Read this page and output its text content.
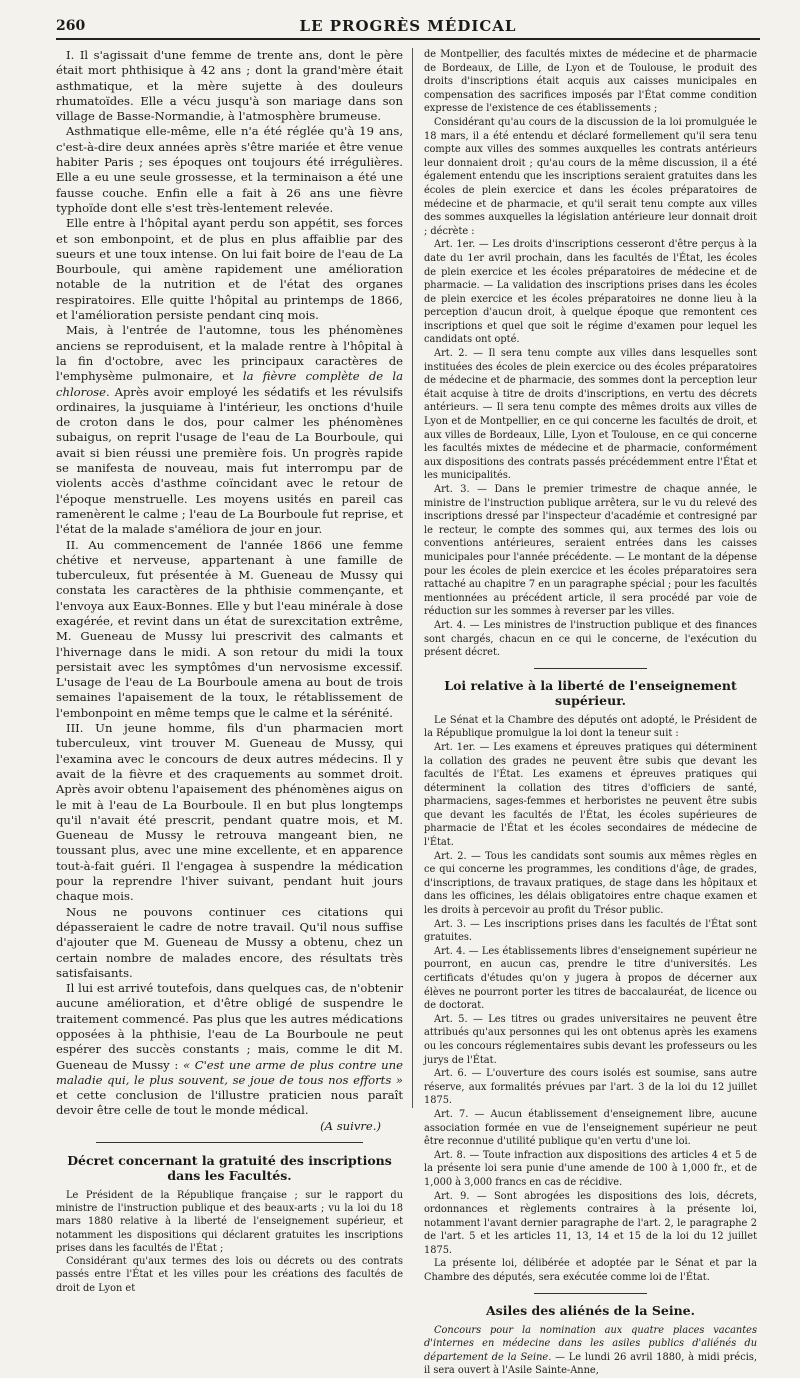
260	LE PROGRÈS MÉDICAL

I. Il s'agissait d'une femme de trente ans, dont le père était mort phthisique à 42 ans ; dont la grand'mère était asthmatique, et la mère sujette à des douleurs rhumatoïdes. Elle a vécu jusqu'à son mariage dans son village de Basse-Normandie, à l'atmosphère brumeuse.

Asthmatique elle-même, elle n'a été réglée qu'à 19 ans, c'est-à-dire deux années après s'être mariée et être venue habiter Paris ; ses époques ont toujours été irrégulières. Elle a eu une seule grossesse, et la terminaison a été une fausse couche. Enfin elle a fait à 26 ans une fièvre typhoïde dont elle s'est très-lentement relevée.

Elle entre à l'hôpital ayant perdu son appétit, ses forces et son embonpoint, et de plus en plus affaiblie par des sueurs et une toux intense. On lui fait boire de l'eau de La Bourboule, qui amène rapidement une amélioration notable de la nutrition et de l'état des organes respiratoires. Elle quitte l'hôpital au printemps de 1866, et l'amélioration persiste pendant cinq mois.

Mais, à l'entrée de l'automne, tous les phénomènes anciens se reproduisent, et la malade rentre à l'hôpital à la fin d'octobre, avec les principaux caractères de l'emphysème pulmonaire, et la fièvre complète de la chlorose. Après avoir employé les sédatifs et les révulsifs ordinaires, la jusquiame à l'intérieur, les onctions d'huile de croton dans le dos, pour calmer les phénomènes subaigus, on reprit l'usage de l'eau de La Bourboule, qui avait si bien réussi une première fois. Un progrès rapide se manifesta de nouveau, mais fut interrompu par de violents accès d'asthme coïncidant avec le retour de l'époque menstruelle. Les moyens usités en pareil cas ramenèrent le calme ; l'eau de La Bourboule fut reprise, et l'état de la malade s'améliora de jour en jour.

II. Au commencement de l'année 1866 une femme chétive et nerveuse, appartenant à une famille de tuberculeux, fut présentée à M. Gueneau de Mussy qui constata les caractères de la phthisie commençante, et l'envoya aux Eaux-Bonnes. Elle y but l'eau minérale à dose exagérée, et revint dans un état de surexcitation extrême, M. Gueneau de Mussy lui prescrivit des calmants et l'hivernage dans le midi. A son retour du midi la toux persistait avec les symptômes d'un nervosisme excessif. L'usage de l'eau de La Bourboule amena au bout de trois semaines l'apaisement de la toux, le rétablissement de l'embonpoint en même temps que le calme et la sérénité.

III. Un jeune homme, fils d'un pharmacien mort tuberculeux, vint trouver M. Gueneau de Mussy, qui l'examina avec le concours de deux autres médecins. Il y avait de la fièvre et des craquements au sommet droit. Après avoir obtenu l'apaisement des phénomènes aigus on le mit à l'eau de La Bourboule. Il en but plus longtemps qu'il n'avait été prescrit, pendant quatre mois, et M. Gueneau de Mussy le retrouva mangeant bien, ne toussant plus, avec une mine excellente, et en apparence tout-à-fait guéri. Il l'engagea à suspendre la médication pour la reprendre l'hiver suivant, pendant huit jours chaque mois.

Nous ne pouvons continuer ces citations qui dépasseraient le cadre de notre travail. Qu'il nous suffise d'ajouter que M. Gueneau de Mussy a obtenu, chez un certain nombre de malades encore, des résultats très satisfaisants.

Il lui est arrivé toutefois, dans quelques cas, de n'obtenir aucune amélioration, et d'être obligé de suspendre le traitement commencé. Pas plus que les autres médications opposées à la phthisie, l'eau de La Bourboule ne peut espérer des succès constants ; mais, comme le dit M. Gueneau de Mussy : « C'est une arme de plus contre une maladie qui, le plus souvent, se joue de tous nos efforts » et cette conclusion de l'illustre praticien nous paraît devoir être celle de tout le monde médical.
(A suivre.)

Décret concernant la gratuité des inscriptions dans les Facultés.

Le Président de la République française ; sur le rapport du ministre de l'instruction publique et des beaux-arts ; vu la loi du 18 mars 1880 relative à la liberté de l'enseignement supérieur, et notamment les dispositions qui déclarent gratuites les inscriptions prises dans les facultés de l'État ;

Considérant qu'aux termes des lois ou décrets ou des contrats passés entre l'État et les villes pour les créations des facultés de droit de Lyon et

de Montpellier, des facultés mixtes de médecine et de pharmacie de Bordeaux, de Lille, de Lyon et de Toulouse, le produit des droits d'inscriptions était acquis aux caisses municipales en compensation des sacrifices imposés par l'État comme condition expresse de l'existence de ces établissements ;

Considérant qu'au cours de la discussion de la loi promulguée le 18 mars, il a été entendu et déclaré formellement qu'il sera tenu compte aux villes des sommes auxquelles les contrats antérieurs leur donnaient droit ; qu'au cours de la même discussion, il a été également entendu que les inscriptions seraient gratuites dans les écoles de plein exercice et dans les écoles préparatoires de médecine et de pharmacie, et qu'il serait tenu compte aux villes des sommes auxquelles la législation antérieure leur donnait droit ; décrète :

Art. 1er. — Les droits d'inscriptions cesseront d'être perçus à la date du 1er avril prochain, dans les facultés de l'État, les écoles de plein exercice et les écoles préparatoires de médecine et de pharmacie. — La validation des inscriptions prises dans les écoles de plein exercice et les écoles préparatoires ne donne lieu à la perception d'aucun droit, à quelque époque que remontent ces inscriptions et quel que soit le régime d'examen pour lequel les candidats ont opté.

Art. 2. — Il sera tenu compte aux villes dans lesquelles sont instituées des écoles de plein exercice ou des écoles préparatoires de médecine et de pharmacie, des sommes dont la perception leur était acquise à titre de droits d'inscriptions, en vertu des décrets antérieurs. — Il sera tenu compte des mêmes droits aux villes de Lyon et de Montpellier, en ce qui concerne les facultés de droit, et aux villes de Bordeaux, Lille, Lyon et Toulouse, en ce qui concerne les facultés mixtes de médecine et de pharmacie, conformément aux dispositions des contrats passés précédemment entre l'État et les municipalités.

Art. 3. — Dans le premier trimestre de chaque année, le ministre de l'instruction publique arrêtera, sur le vu du relevé des inscriptions dressé par l'inspecteur d'académie et contresigné par le recteur, le compte des sommes qui, aux termes des lois ou conventions antérieures, seraient entrées dans les caisses municipales pour l'année précédente. — Le montant de la dépense pour les écoles de plein exercice et les écoles préparatoires sera rattaché au chapitre 7 en un paragraphe spécial ; pour les facultés mentionnées au précédent article, il sera procédé par voie de réduction sur les sommes à reverser par les villes.

Art. 4. — Les ministres de l'instruction publique et des finances sont chargés, chacun en ce qui le concerne, de l'exécution du présent décret.

Loi relative à la liberté de l'enseignement supérieur.

Le Sénat et la Chambre des députés ont adopté, le Président de la République promulgue la loi dont la teneur suit :

Art. 1er. — Les examens et épreuves pratiques qui déterminent la collation des grades ne peuvent être subis que devant les facultés de l'État. Les examens et épreuves pratiques qui déterminent la collation des titres d'officiers de santé, pharmaciens, sages-femmes et herboristes ne peuvent être subis que devant les facultés de l'État, les écoles supérieures de pharmacie de l'État et les écoles secondaires de médecine de l'État.

Art. 2. — Tous les candidats sont soumis aux mêmes règles en ce qui concerne les programmes, les conditions d'âge, de grades, d'inscriptions, de travaux pratiques, de stage dans les hôpitaux et dans les officines, les délais obligatoires entre chaque examen et les droits à percevoir au profit du Trésor public.

Art. 3. — Les inscriptions prises dans les facultés de l'État sont gratuites.

Art. 4. — Les établissements libres d'enseignement supérieur ne pourront, en aucun cas, prendre le titre d'universités. Les certificats d'études qu'on y jugera à propos de décerner aux élèves ne pourront porter les titres de baccalauréat, de licence ou de doctorat.

Art. 5. — Les titres ou grades universitaires ne peuvent être attribués qu'aux personnes qui les ont obtenus après les examens ou les concours réglementaires subis devant les professeurs ou les jurys de l'État.

Art. 6. — L'ouverture des cours isolés est soumise, sans autre réserve, aux formalités prévues par l'art. 3 de la loi du 12 juillet 1875.

Art. 7. — Aucun établissement d'enseignement libre, aucune association formée en vue de l'enseignement supérieur ne peut être reconnue d'utilité publique qu'en vertu d'une loi.

Art. 8. — Toute infraction aux dispositions des articles 4 et 5 de la présente loi sera punie d'une amende de 100 à 1,000 fr., et de 1,000 à 3,000 francs en cas de récidive.

Art. 9. — Sont abrogées les dispositions des lois, décrets, ordonnances et règlements contraires à la présente loi, notamment l'avant dernier paragraphe de l'art. 2, le paragraphe 2 de l'art. 5 et les articles 11, 13, 14 et 15 de la loi du 12 juillet 1875.

La présente loi, délibérée et adoptée par le Sénat et par la Chambre des députés, sera exécutée comme loi de l'État.

Asiles des aliénés de la Seine.

Concours pour la nomination aux quatre places vacantes d'internes en médecine dans les asiles publics d'aliénés du département de la Seine. — Le lundi 26 avril 1880, à midi précis, il sera ouvert à l'Asile Sainte-Anne,
